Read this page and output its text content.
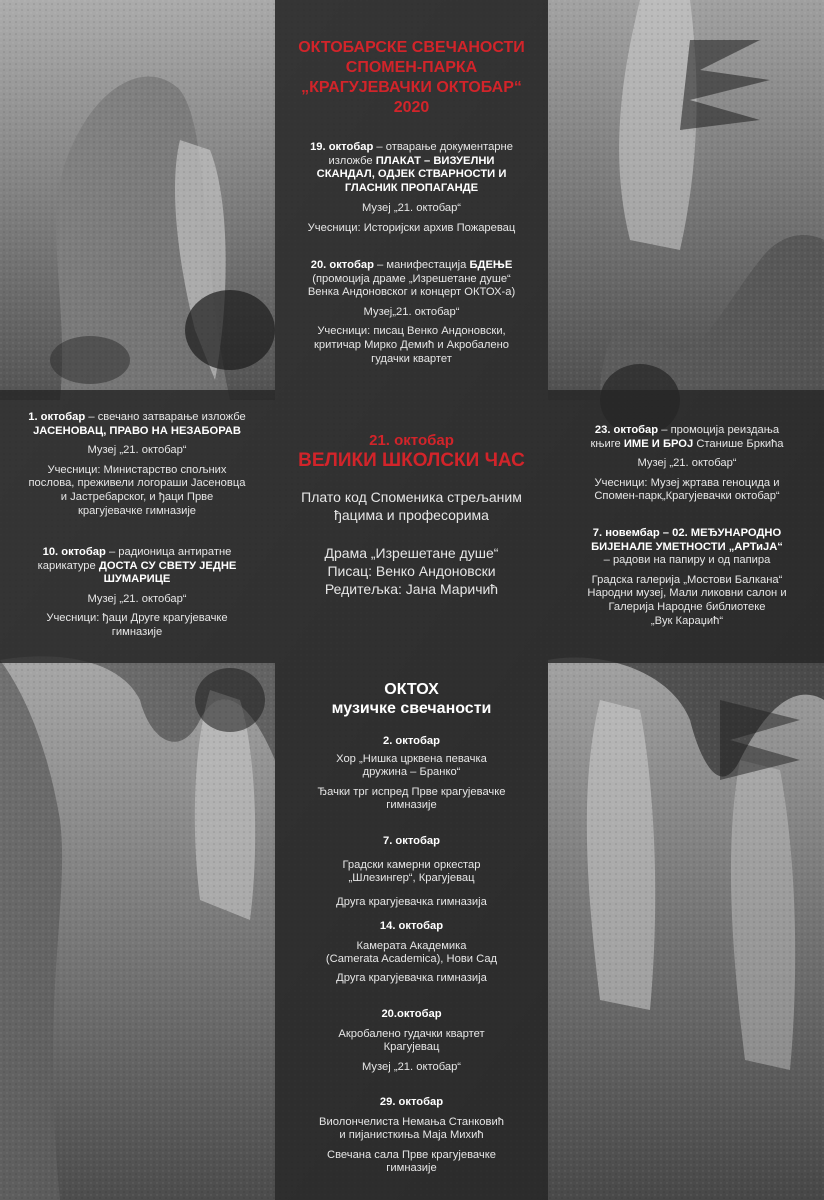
ОКТОБАРСКЕ СВЕЧАНОСТИ
СПОМЕН-ПАРКА
„КРАГУЈЕВАЧКИ ОКТОБАР“
2020
19. октобар – отварање документарне
изложбе ПЛАКАТ – ВИЗУЕЛНИ
СКАНДАЛ, ОДЈЕК СТВАРНОСТИ И
ГЛАСНИК ПРОПАГАНДЕ
Музеј „21. октобар“
Учесници: Историјски архив Пожаревац
20. октобар – манифестација БДЕЊЕ
(промоција драме „Изрешетане душе“
Венка Андоновског и концерт ОКТОХ-а)
Музеј„21. октобар“
Учесници: писац Венко Андоновски,
критичар Мирко Демић и Акробалено
гудачки квартет
1. октобар – свечано затварање изложбе
ЈАСЕНОВАЦ, ПРАВО НА НЕЗАБОРАВ
Музеј „21. октобар“
Учесници: Министарство спољних
послова, преживели логораши Јасеновца
и Јастребарског, и ђаци Прве
крагујевачке гимназије
10. октобар – радионица антиратне
карикатуре ДОСТА СУ СВЕТУ ЈЕДНЕ
ШУМАРИЦЕ
Музеј „21. октобар“
Учесници: ђаци Друге крагујевачке
гимназије
21. октобар
ВЕЛИКИ ШКОЛСКИ ЧАС
Плато код Споменика стрељаним
ђацима и професорима
Драма „Изрешетане душе“
Писац: Венко Андоновски
Редитељка: Јана Маричић
23. октобар – промоција реиздања
књиге ИМЕ И БРОЈ Станише Бркића
Музеј „21. октобар“
Учесници: Музеј жртава геноцида и
Спомен-парк„Крагујевачки октобар“
7. новембар – 02. МЕЂУНАРОДНО
БИЈЕНАЛЕ УМЕТНОСТИ „АРТиЈА“
– радови на папиру и од папира
Градска галерија „Мостови Балкана“
Народни музеј, Мали ликовни салон и
Галерија Народне библиотеке
„Вук Караџић“
ОКТОХ
музичке свечаности
2. октобар
Хор „Нишка црквена певачка
дружина – Бранко“
Ђачки трг испред Прве крагујевачке
гимназије
7. октобар
Градски камерни оркестар
„Шлезингер“, Крагујевац
Друга крагујевачка гимназија
14. октобар
Камерата Академика
(Camerata Academica), Нови Сад
Друга крагујевачка гимназија
20.октобар
Акробалено гудачки квартет
Крагујевац
Музеј „21. октобар“
29. октобар
Виолончелиста Немања Станковић
и пијанисткиња Маја Михић
Свечана сала Прве крагујевачке
гимназије
